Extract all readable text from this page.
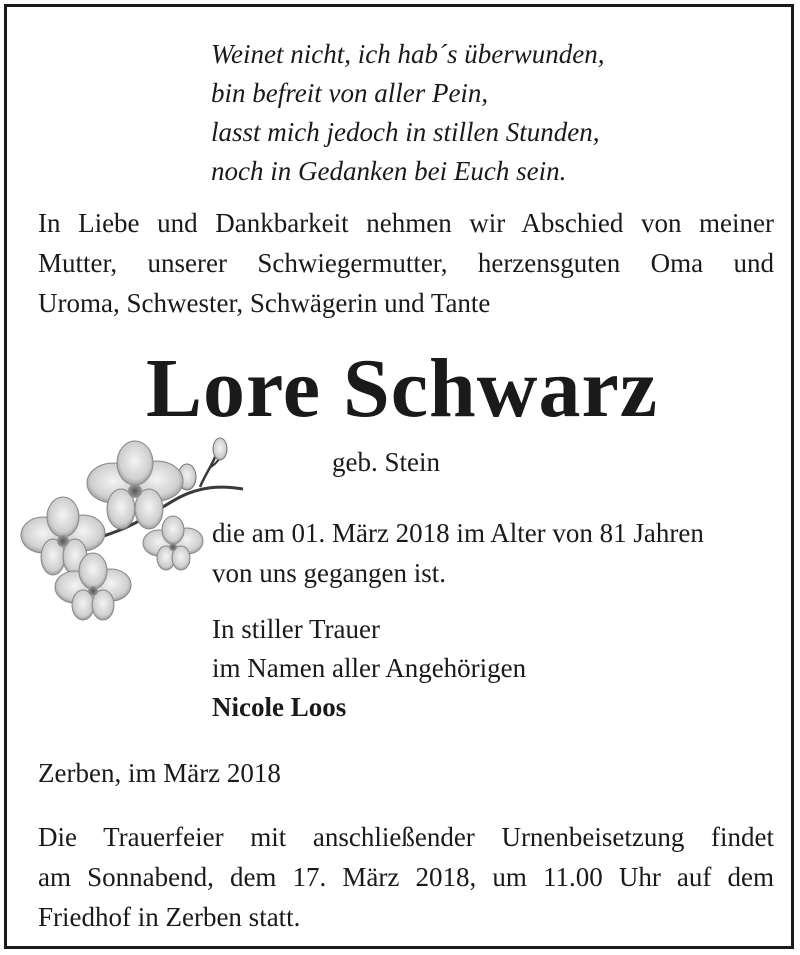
Weinet nicht, ich hab´s überwunden,
bin befreit von aller Pein,
lasst mich jedoch in stillen Stunden,
noch in Gedanken bei Euch sein.
In Liebe und Dankbarkeit nehmen wir Abschied von meiner
Mutter, unserer Schwiegermutter, herzensguten Oma und
Uroma, Schwester, Schwägerin und Tante
Lore Schwarz
geb. Stein
die am 01. März 2018 im Alter von 81 Jahren
von uns gegangen ist.
In stiller Trauer
im Namen aller Angehörigen
Nicole Loos
Zerben, im März 2018
Die Trauerfeier mit anschließender Urnenbeisetzung findet
am Sonnabend, dem 17. März 2018, um 11.00 Uhr auf dem
Friedhof in Zerben statt.
